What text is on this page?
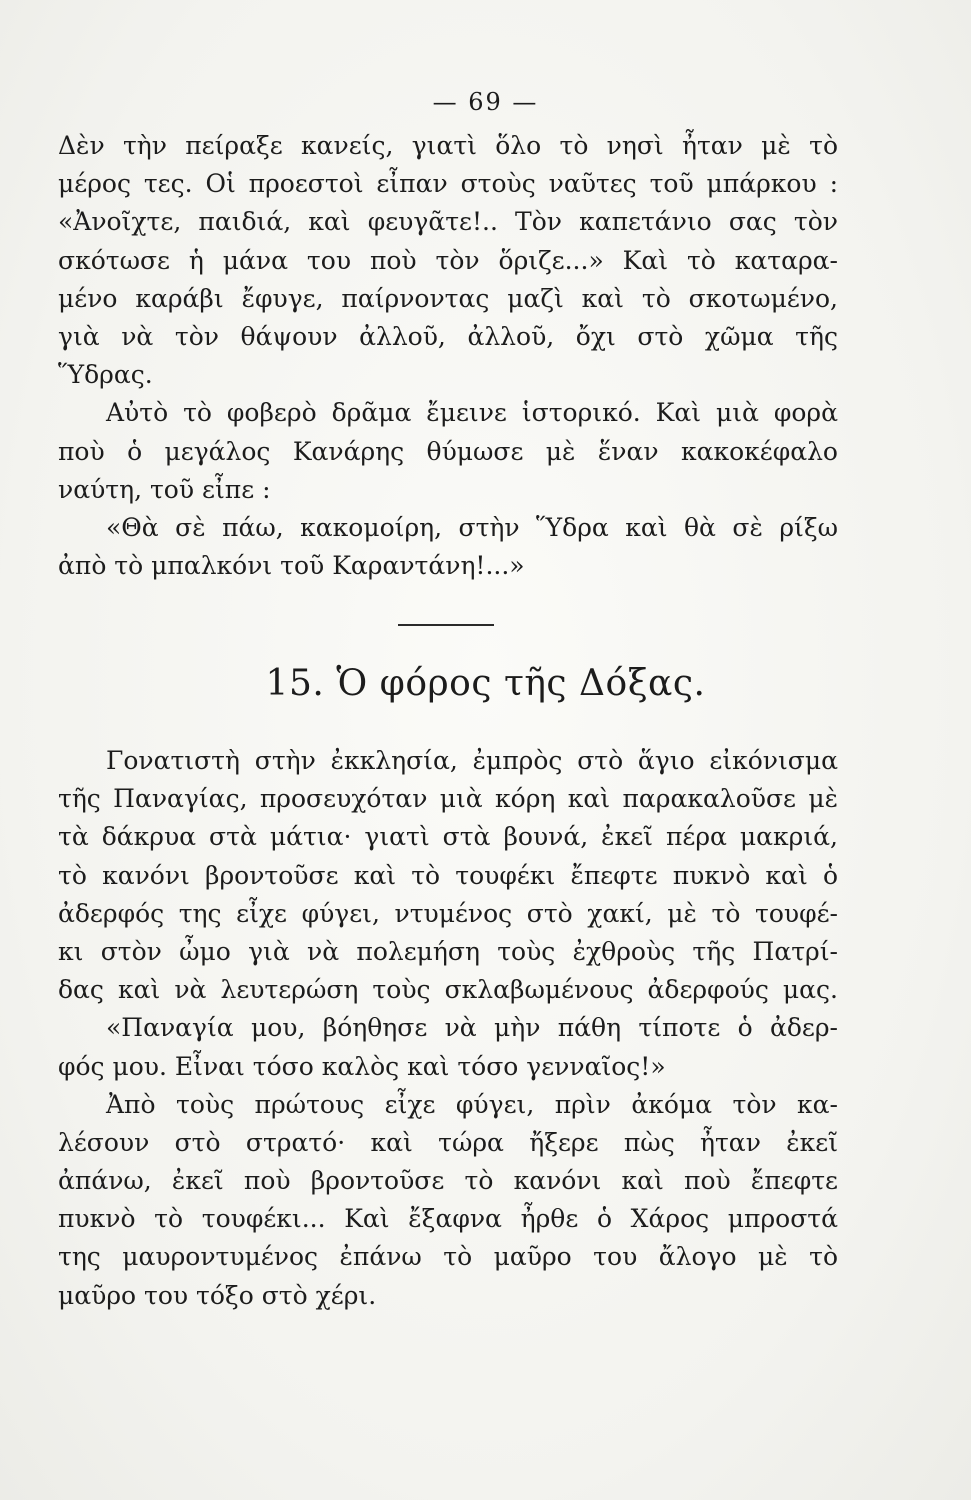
— 69 —
Δὲν τὴν πείραξε κανείς, γιατὶ ὅλο τὸ νησὶ ἦταν μὲ τὸ
μέρος τες. Οἱ προεστοὶ εἶπαν στοὺς ναῦτες τοῦ μπάρκου :
«Ἀνοῖχτε, παιδιά, καὶ φευγᾶτε!.. Τὸν καπετάνιο σας τὸν
σκότωσε ἡ μάνα του ποὺ τὸν ὅριζε...» Καὶ τὸ καταρα-
μένο καράβι ἔφυγε, παίρνοντας μαζὶ καὶ τὸ σκοτωμένο,
γιὰ νὰ τὸν θάψουν ἀλλοῦ, ἀλλοῦ, ὄχι στὸ χῶμα τῆς
Ὕδρας.
Αὐτὸ τὸ φοβερὸ δρᾶμα ἔμεινε ἱστορικό. Καὶ μιὰ φορὰ
ποὺ ὁ μεγάλος Κανάρης θύμωσε μὲ ἕναν κακοκέφαλο
ναύτη, τοῦ εἶπε :
«Θὰ σὲ πάω, κακομοίρη, στὴν Ὕδρα καὶ θὰ σὲ ρίξω
ἀπὸ τὸ μπαλκόνι τοῦ Καραντάνη!...»
15. Ὁ φόρος τῆς Δόξας.
Γονατιστὴ στὴν ἐκκλησία, ἐμπρὸς στὸ ἅγιο εἰκόνισμα
τῆς Παναγίας, προσευχόταν μιὰ κόρη καὶ παρακαλοῦσε μὲ
τὰ δάκρυα στὰ μάτια· γιατὶ στὰ βουνά, ἐκεῖ πέρα μακριά,
τὸ κανόνι βροντοῦσε καὶ τὸ τουφέκι ἔπεφτε πυκνὸ καὶ ὁ
ἀδερφός της εἶχε φύγει, ντυμένος στὸ χακί, μὲ τὸ τουφέ-
κι στὸν ὦμο γιὰ νὰ πολεμήση τοὺς ἐχθροὺς τῆς Πατρί-
δας καὶ νὰ λευτερώση τοὺς σκλαβωμένους ἀδερφούς μας.
«Παναγία μου, βόηθησε νὰ μὴν πάθη τίποτε ὁ ἀδερ-
φός μου. Εἶναι τόσο καλὸς καὶ τόσο γενναῖος!»
Ἀπὸ τοὺς πρώτους εἶχε φύγει, πρὶν ἀκόμα τὸν κα-
λέσουν στὸ στρατό· καὶ τώρα ἤξερε πὼς ἦταν ἐκεῖ
ἀπάνω, ἐκεῖ ποὺ βροντοῦσε τὸ κανόνι καὶ ποὺ ἔπεφτε
πυκνὸ τὸ τουφέκι... Καὶ ἔξαφνα ἦρθε ὁ Χάρος μπροστά
της μαυροντυμένος ἐπάνω τὸ μαῦρο του ἄλογο μὲ τὸ
μαῦρο του τόξο στὸ χέρι.
